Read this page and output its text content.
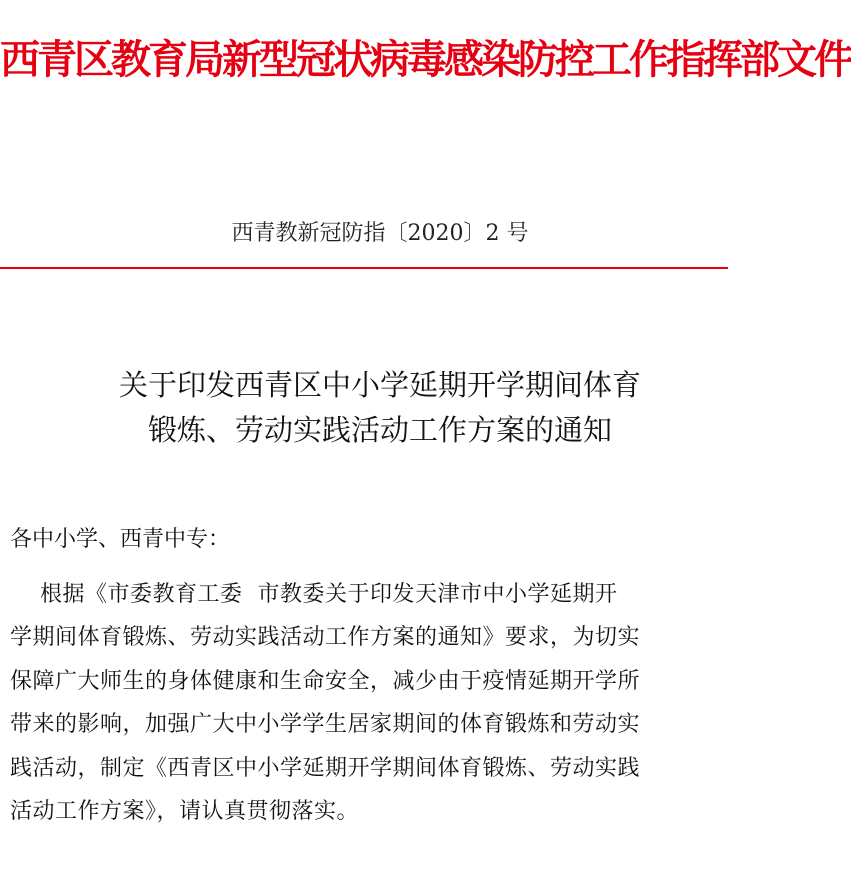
西青区教育局新型冠状病毒感染防控工作指挥部文件
西青教新冠防指〔2020〕2 号
关于印发西青区中小学延期开学期间体育
锻炼、劳动实践活动工作方案的通知
各中小学、西青中专：
根据《市委教育工委  市教委关于印发天津市中小学延期开
学期间体育锻炼、劳动实践活动工作方案的通知》要求，为切实
保障广大师生的身体健康和生命安全，减少由于疫情延期开学所
带来的影响，加强广大中小学学生居家期间的体育锻炼和劳动实
践活动，制定《西青区中小学延期开学期间体育锻炼、劳动实践
活动工作方案》，请认真贯彻落实。
